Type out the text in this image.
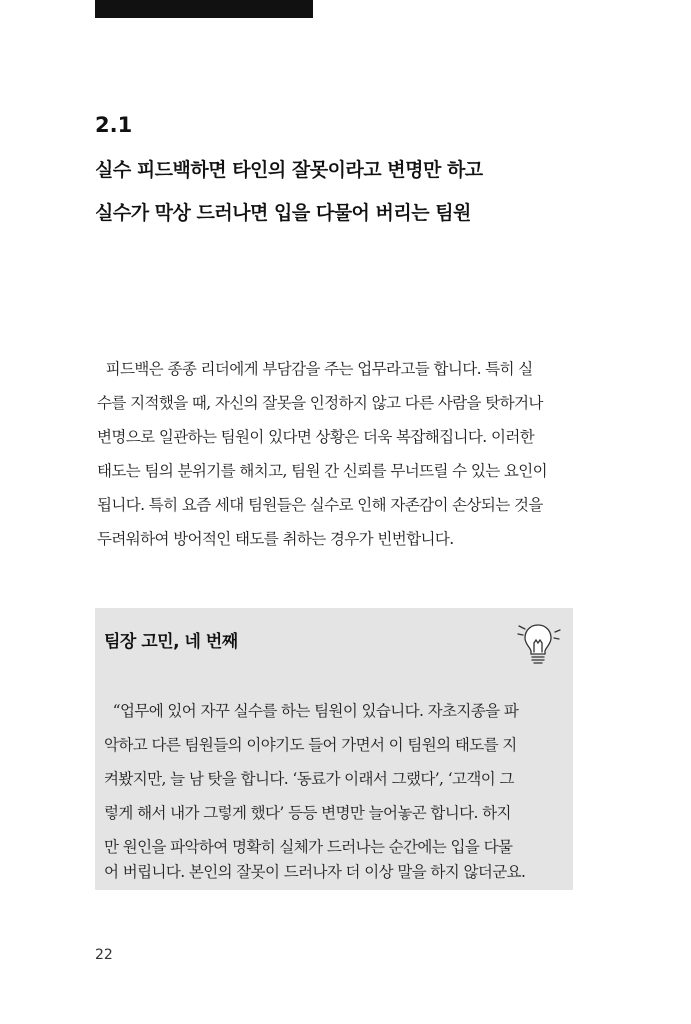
2.1
실수 피드백하면 타인의 잘못이라고 변명만 하고
실수가 막상 드러나면 입을 다물어 버리는 팀원
피드백은 종종 리더에게 부담감을 주는 업무라고들 합니다. 특히 실
수를 지적했을 때, 자신의 잘못을 인정하지 않고 다른 사람을 탓하거나
변명으로 일관하는 팀원이 있다면 상황은 더욱 복잡해집니다. 이러한
태도는 팀의 분위기를 해치고, 팀원 간 신뢰를 무너뜨릴 수 있는 요인이
됩니다. 특히 요즘 세대 팀원들은 실수로 인해 자존감이 손상되는 것을
두려워하여 방어적인 태도를 취하는 경우가 빈번합니다.
팀장 고민, 네 번째
“업무에 있어 자꾸 실수를 하는 팀원이 있습니다. 자초지종을 파
악하고 다른 팀원들의 이야기도 들어 가면서 이 팀원의 태도를 지
켜봤지만, 늘 남 탓을 합니다. ‘동료가 이래서 그랬다’, ‘고객이 그
렇게 해서 내가 그렇게 했다’ 등등 변명만 늘어놓곤 합니다. 하지
만 원인을 파악하여 명확히 실체가 드러나는 순간에는 입을 다물
어 버립니다. 본인의 잘못이 드러나자 더 이상 말을 하지 않더군요.
22
